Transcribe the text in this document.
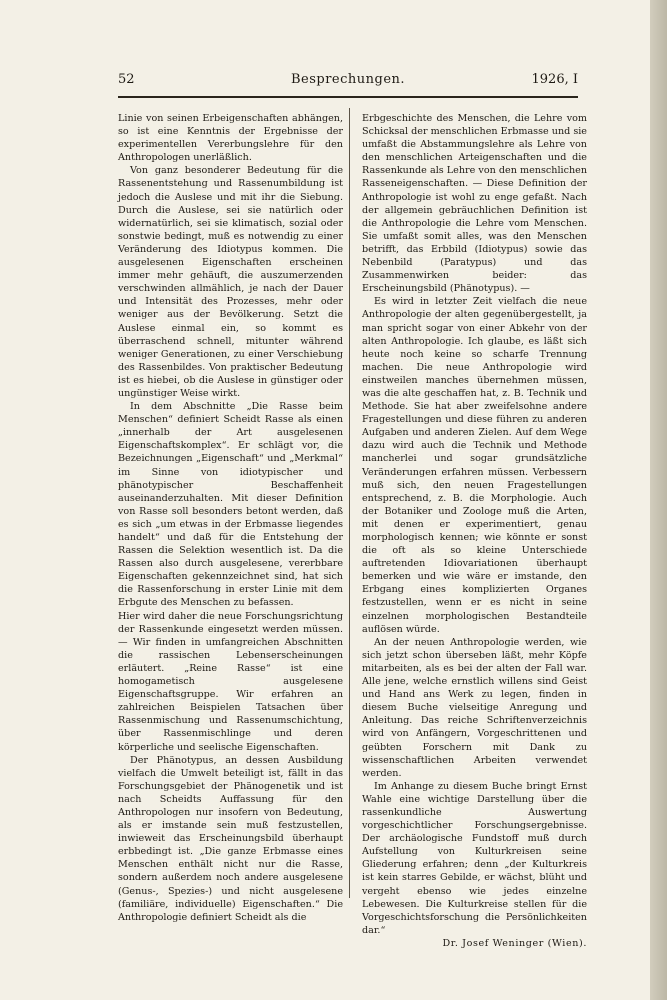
52	Besprechungen.	1926, I

Linie von seinen Erbeigenschaften abhängen, so ist eine Kenntnis der Ergebnisse der experimentellen Vererbungslehre für den Anthropologen unerläßlich.

Von ganz besonderer Bedeutung für die Rassenentstehung und Rassenumbildung ist jedoch die Auslese und mit ihr die Siebung. Durch die Auslese, sei sie natürlich oder widernatürlich, sei sie klimatisch, sozial oder sonstwie bedingt, muß es notwendig zu einer Veränderung des Idiotypus kommen. Die ausgelesenen Eigenschaften erscheinen immer mehr gehäuft, die auszumerzenden verschwinden allmählich, je nach der Dauer und Intensität des Prozesses, mehr oder weniger aus der Bevölkerung. Setzt die Auslese einmal ein, so kommt es überraschend schnell, mitunter während weniger Generationen, zu einer Verschiebung des Rassenbildes. Von praktischer Bedeutung ist es hiebei, ob die Auslese in günstiger oder ungünstiger Weise wirkt.

In dem Abschnitte „Die Rasse beim Menschen“ definiert Scheidt Rasse als einen „innerhalb der Art ausgelesenen Eigenschaftskomplex“. Er schlägt vor, die Bezeichnungen „Eigenschaft“ und „Merkmal“ im Sinne von idiotypischer und phänotypischer Beschaffenheit auseinanderzuhalten. Mit dieser Definition von Rasse soll besonders betont werden, daß es sich „um etwas in der Erbmasse liegendes handelt“ und daß für die Entstehung der Rassen die Selektion wesentlich ist. Da die Rassen also durch ausgelesene, vererbbare Eigenschaften gekennzeichnet sind, hat sich die Rassenforschung in erster Linie mit dem Erbgute des Menschen zu befassen.

Hier wird daher die neue Forschungsrichtung der Rassenkunde eingesetzt werden müssen. — Wir finden in umfangreichen Abschnitten die rassischen Lebenserscheinungen erläutert. „Reine Rasse“ ist eine homogametisch ausgelesene Eigenschaftsgruppe. Wir erfahren an zahlreichen Beispielen Tatsachen über Rassenmischung und Rassenumschichtung, über Rassenmischlinge und deren körperliche und seelische Eigenschaften.

Der Phänotypus, an dessen Ausbildung vielfach die Umwelt beteiligt ist, fällt in das Forschungsgebiet der Phänogenetik und ist nach Scheidts Auffassung für den Anthropologen nur insofern von Bedeutung, als er imstande sein muß festzustellen, inwieweit das Erscheinungsbild überhaupt erbbedingt ist. „Die ganze Erbmasse eines Menschen enthält nicht nur die Rasse, sondern außerdem noch andere ausgelesene (Genus-, Spezies-) und nicht ausgelesene (familiäre, individuelle) Eigenschaften.“ Die Anthropologie definiert Scheidt als die

Erbgeschichte des Menschen, die Lehre vom Schicksal der menschlichen Erbmasse und sie umfaßt die Abstammungslehre als Lehre von den menschlichen Arteigenschaften und die Rassenkunde als Lehre von den menschlichen Rasseneigenschaften. — Diese Definition der Anthropologie ist wohl zu enge gefaßt. Nach der allgemein gebräuchlichen Definition ist die Anthropologie die Lehre vom Menschen. Sie umfaßt somit alles, was den Menschen betrifft, das Erbbild (Idiotypus) sowie das Nebenbild (Paratypus) und das Zusammenwirken beider: das Erscheinungsbild (Phänotypus). —

Es wird in letzter Zeit vielfach die neue Anthropologie der alten gegenübergestellt, ja man spricht sogar von einer Abkehr von der alten Anthropologie. Ich glaube, es läßt sich heute noch keine so scharfe Trennung machen. Die neue Anthropologie wird einstweilen manches übernehmen müssen, was die alte geschaffen hat, z. B. Technik und Methode. Sie hat aber zweifelsohne andere Fragestellungen und diese führen zu anderen Aufgaben und anderen Zielen. Auf dem Wege dazu wird auch die Technik und Methode mancherlei und sogar grundsätzliche Veränderungen erfahren müssen. Verbessern muß sich, den neuen Fragestellungen entsprechend, z. B. die Morphologie. Auch der Botaniker und Zoologe muß die Arten, mit denen er experimentiert, genau morphologisch kennen; wie könnte er sonst die oft als so kleine Unterschiede auftretenden Idiovariationen überhaupt bemerken und wie wäre er imstande, den Erbgang eines komplizierten Organes festzustellen, wenn er es nicht in seine einzelnen morphologischen Bestandteile auflösen würde.

An der neuen Anthropologie werden, wie sich jetzt schon überseben läßt, mehr Köpfe mitarbeiten, als es bei der alten der Fall war. Alle jene, welche ernstlich willens sind Geist und Hand ans Werk zu legen, finden in diesem Buche vielseitige Anregung und Anleitung. Das reiche Schriftenverzeichnis wird von Anfängern, Vorgeschrittenen und geübten Forschern mit Dank zu wissenschaftlichen Arbeiten verwendet werden.

Im Anhange zu diesem Buche bringt Ernst Wahle eine wichtige Darstellung über die rassenkundliche Auswertung vorgeschichtlicher Forschungsergebnisse. Der archäologische Fundstoff muß durch Aufstellung von Kulturkreisen seine Gliederung erfahren; denn „der Kulturkreis ist kein starres Gebilde, er wächst, blüht und vergeht ebenso wie jedes einzelne Lebewesen. Die Kulturkreise stellen für die Vorgeschichtsforschung die Persönlichkeiten dar.“

Dr. Josef Weninger (Wien).
